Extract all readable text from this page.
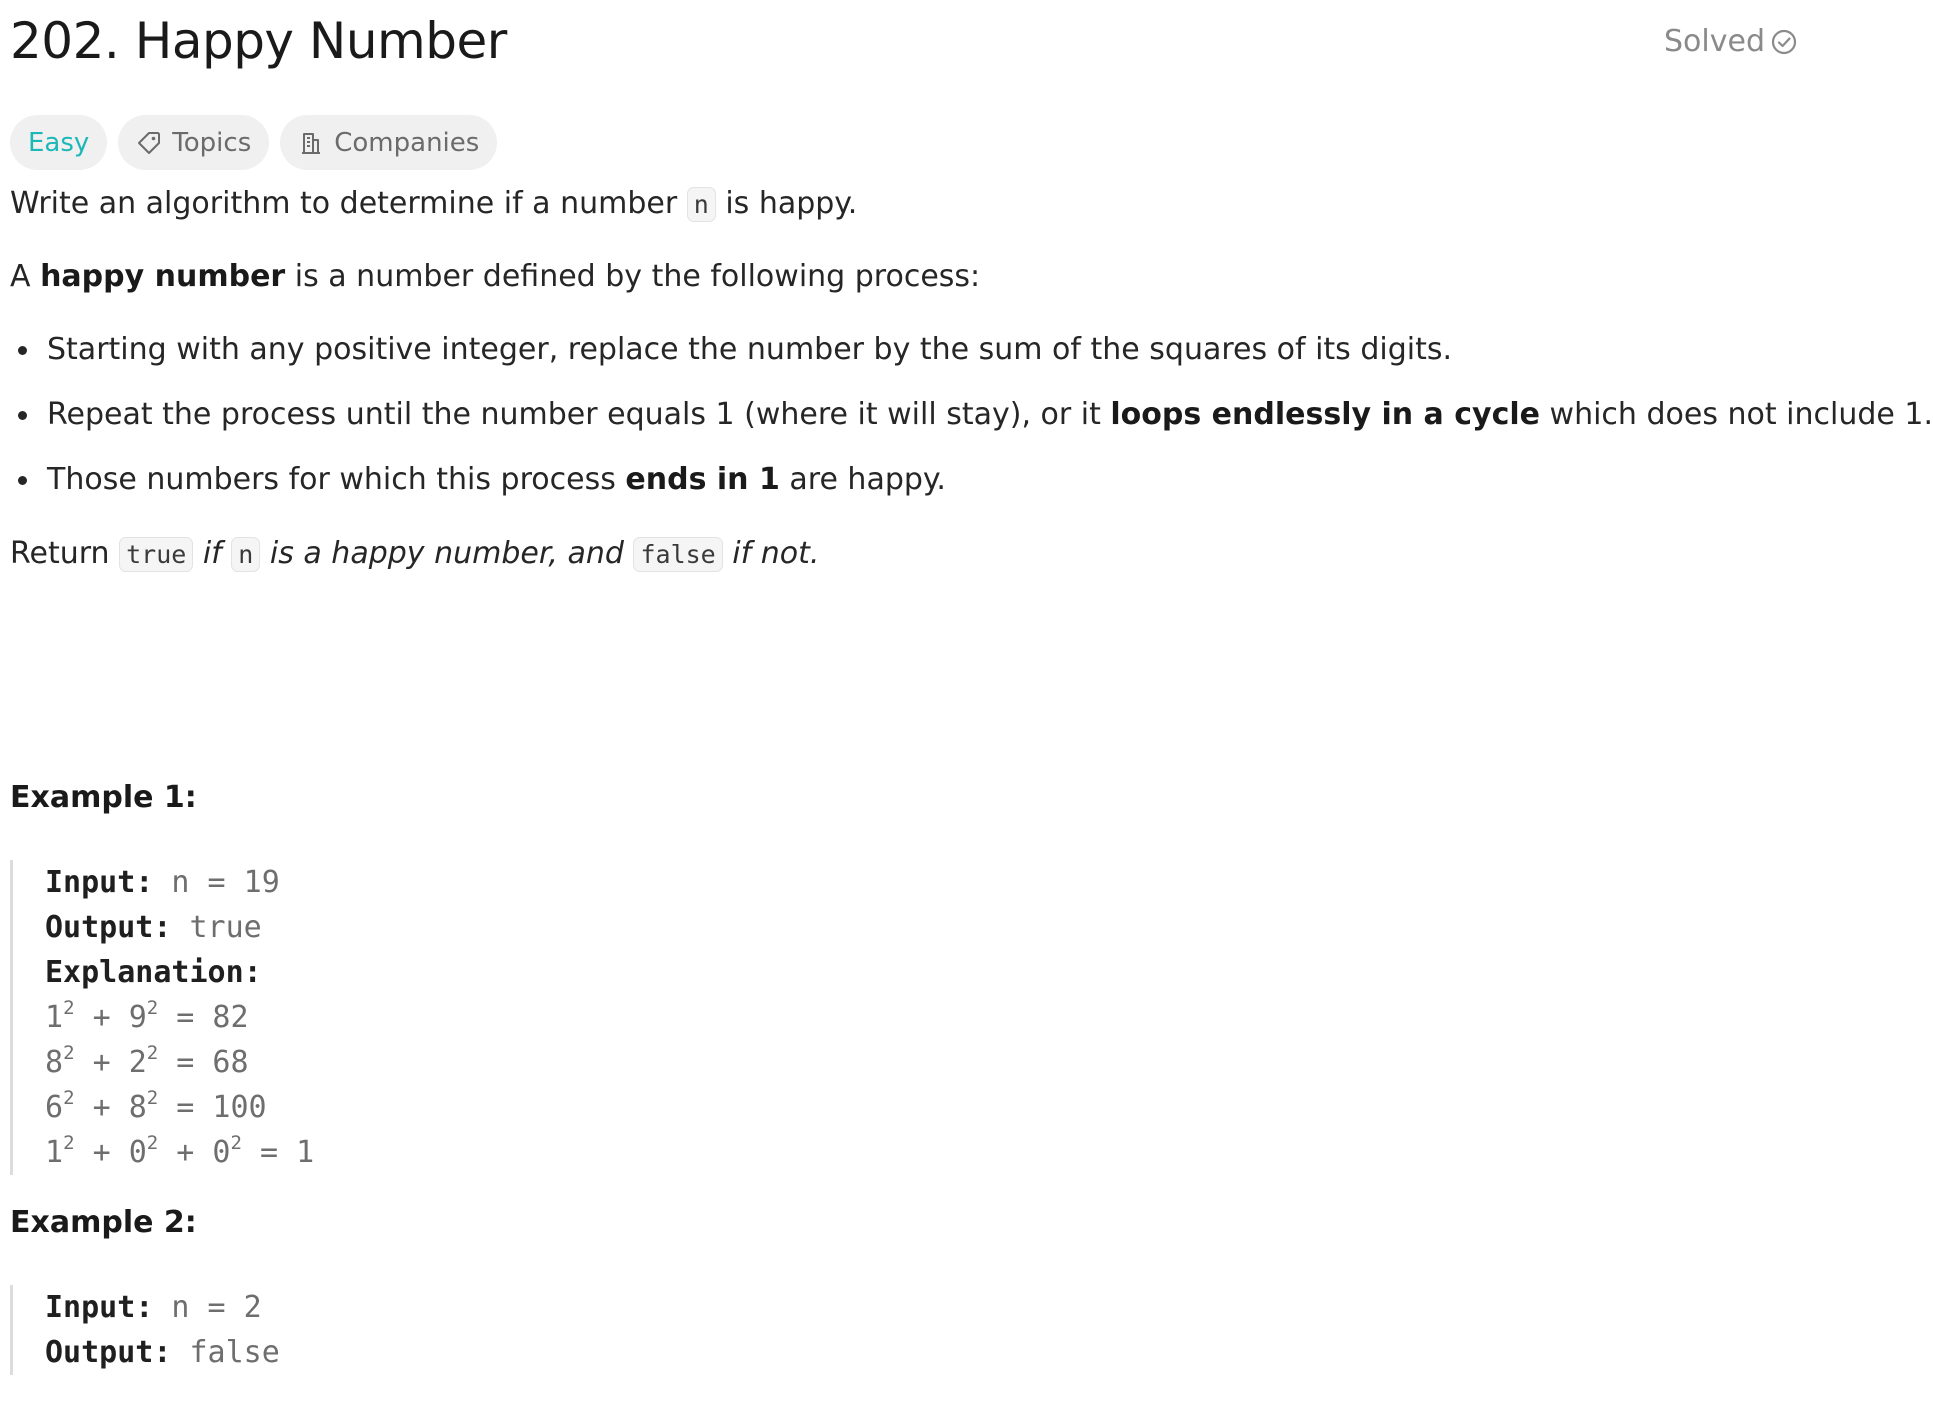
202. Happy Number	Solved
Easy	Topics	Companies
Write an algorithm to determine if a number n is happy.
A happy number is a number defined by the following process:
Starting with any positive integer, replace the number by the sum of the squares of its digits.
Repeat the process until the number equals 1 (where it will stay), or it loops endlessly in a cycle which does not include 1.
Those numbers for which this process ends in 1 are happy.
Return true if n is a happy number, and false if not.
Example 1:
Input: n = 19
Output: true
Explanation:
$1^2 + 9^2 = 82$
$8^2 + 2^2 = 68$
$6^2 + 8^2 = 100$
$1^2 + 0^2 + 0^2 = 1$
Example 2:
Input: n = 2
Output: false
